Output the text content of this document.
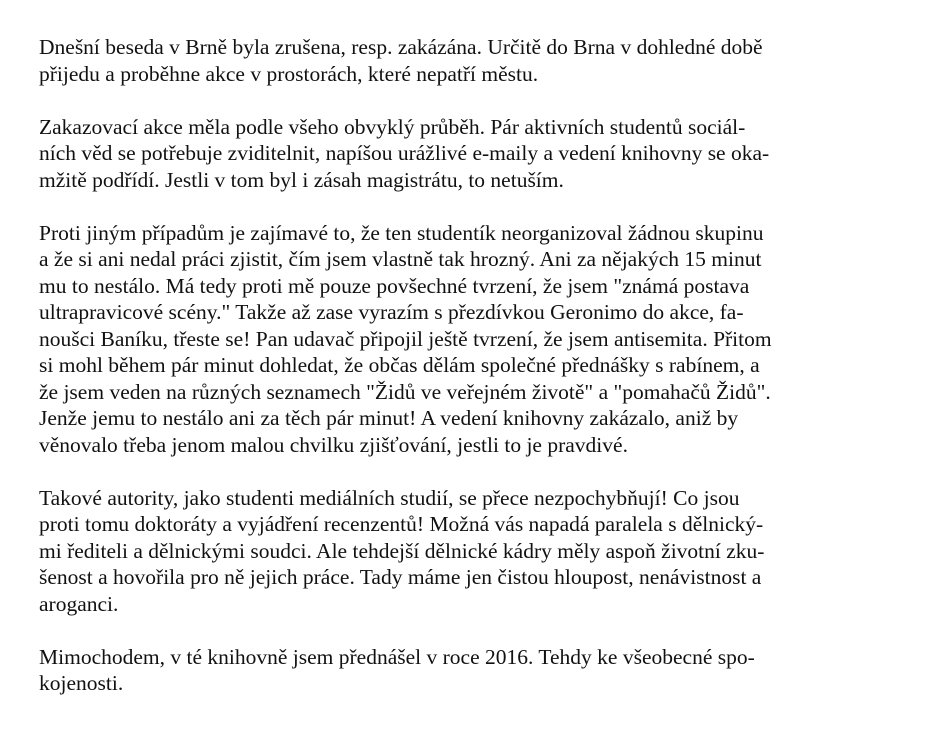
Dnešní beseda v Brně byla zrušena, resp. zakázána. Určitě do Brna v dohledné době
přijedu a proběhne akce v prostorách, které nepatří městu.

Zakazovací akce měla podle všeho obvyklý průběh. Pár aktivních studentů sociál-
ních věd se potřebuje zviditelnit, napíšou urážlivé e-maily a vedení knihovny se oka-
mžitě podřídí. Jestli v tom byl i zásah magistrátu, to netuším.

Proti jiným případům je zajímavé to, že ten studentík neorganizoval žádnou skupinu
a že si ani nedal práci zjistit, čím jsem vlastně tak hrozný. Ani za nějakých 15 minut
mu to nestálo. Má tedy proti mě pouze povšechné tvrzení, že jsem "známá postava
ultrapravicové scény." Takže až zase vyrazím s přezdívkou Geronimo do akce, fa-
noušci Baníku, třeste se! Pan udavač připojil ještě tvrzení, že jsem antisemita. Přitom
si mohl během pár minut dohledat, že občas dělám společné přednášky s rabínem, a
že jsem veden na různých seznamech "Židů ve veřejném životě" a "pomahačů Židů".
Jenže jemu to nestálo ani za těch pár minut! A vedení knihovny zakázalo, aniž by
věnovalo třeba jenom malou chvilku zjišťování, jestli to je pravdivé.

Takové autority, jako studenti mediálních studií, se přece nezpochybňují! Co jsou
proti tomu doktoráty a vyjádření recenzentů! Možná vás napadá paralela s dělnický-
mi řediteli a dělnickými soudci. Ale tehdejší dělnické kádry měly aspoň životní zku-
šenost a hovořila pro ně jejich práce. Tady máme jen čistou hloupost, nenávistnost a
aroganci.

Mimochodem, v té knihovně jsem přednášel v roce 2016. Tehdy ke všeobecné spo-
kojenosti.
